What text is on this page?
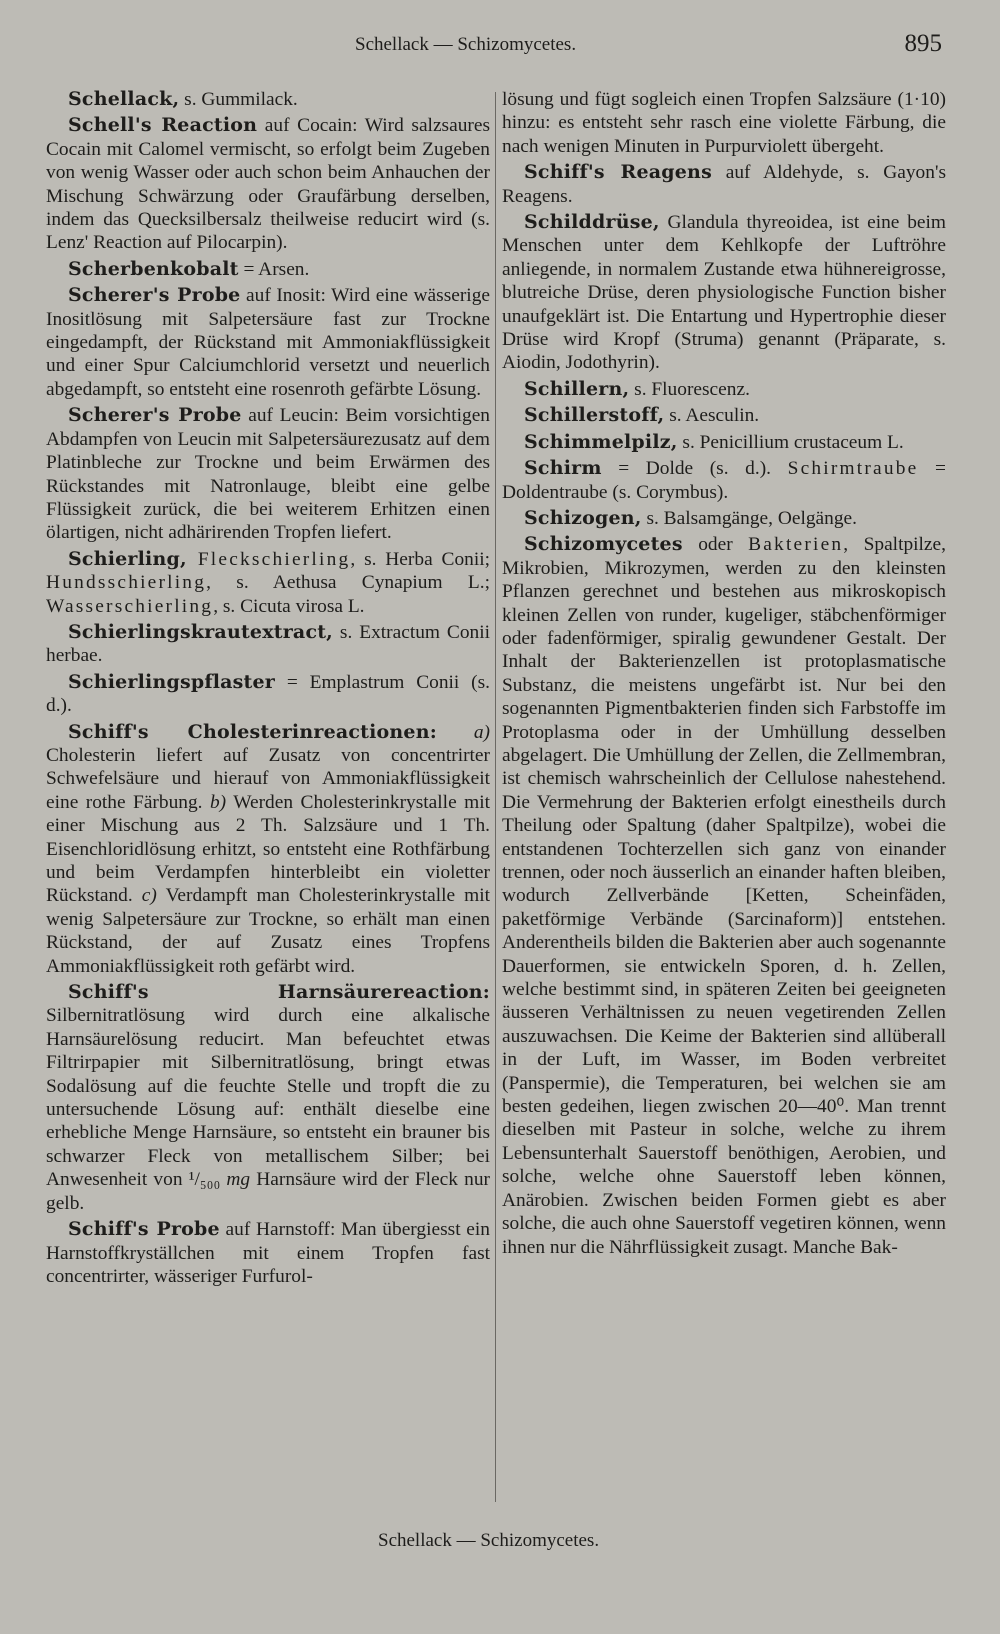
Schellack — Schizomycetes.	895

Schellack, s. Gummilack.

Schell's Reaction auf Cocain: Wird salzsaures Cocain mit Calomel vermischt, so erfolgt beim Zugeben von wenig Wasser oder auch schon beim Anhauchen der Mischung Schwärzung oder Graufärbung derselben, indem das Quecksilbersalz theilweise reducirt wird (s. Lenz' Reaction auf Pilocarpin).

Scherbenkobalt = Arsen.

Scherer's Probe auf Inosit: Wird eine wässerige Inositlösung mit Salpetersäure fast zur Trockne eingedampft, der Rückstand mit Ammoniakflüssigkeit und einer Spur Calciumchlorid versetzt und neuerlich abgedampft, so entsteht eine rosenroth gefärbte Lösung.

Scherer's Probe auf Leucin: Beim vorsichtigen Abdampfen von Leucin mit Salpetersäurezusatz auf dem Platinbleche zur Trockne und beim Erwärmen des Rückstandes mit Natronlauge, bleibt eine gelbe Flüssigkeit zurück, die bei weiterem Erhitzen einen ölartigen, nicht adhärirenden Tropfen liefert.

Schierling, Fleckschierling, s. Herba Conii; Hundsschierling, s. Aethusa Cynapium L.; Wasserschierling, s. Cicuta virosa L.

Schierlingskrautextract, s. Extractum Conii herbae.

Schierlingspflaster = Emplastrum Conii (s. d.).

Schiff's Cholesterinreactionen: a) Cholesterin liefert auf Zusatz von concentrirter Schwefelsäure und hierauf von Ammoniakflüssigkeit eine rothe Färbung. b) Werden Cholesterinkrystalle mit einer Mischung aus 2 Th. Salzsäure und 1 Th. Eisenchloridlösung erhitzt, so entsteht eine Rothfärbung und beim Verdampfen hinterbleibt ein violetter Rückstand. c) Verdampft man Cholesterinkrystalle mit wenig Salpetersäure zur Trockne, so erhält man einen Rückstand, der auf Zusatz eines Tropfens Ammoniakflüssigkeit roth gefärbt wird.

Schiff's Harnsäurereaction: Silbernitratlösung wird durch eine alkalische Harnsäurelösung reducirt. Man befeuchtet etwas Filtrirpapier mit Silbernitratlösung, bringt etwas Sodalösung auf die feuchte Stelle und tropft die zu untersuchende Lösung auf: enthält dieselbe eine erhebliche Menge Harnsäure, so entsteht ein brauner bis schwarzer Fleck von metallischem Silber; bei Anwesenheit von ¹/₅₀₀ mg Harnsäure wird der Fleck nur gelb.

Schiff's Probe auf Harnstoff: Man übergiesst ein Harnstoffkryställchen mit einem Tropfen fast concentrirter, wässeriger Furfurol-

lösung und fügt sogleich einen Tropfen Salzsäure (1·10) hinzu: es entsteht sehr rasch eine violette Färbung, die nach wenigen Minuten in Purpurviolett übergeht.

Schiff's Reagens auf Aldehyde, s. Gayon's Reagens.

Schilddrüse, Glandula thyreoidea, ist eine beim Menschen unter dem Kehlkopfe der Luftröhre anliegende, in normalem Zustande etwa hühnereigrosse, blutreiche Drüse, deren physiologische Function bisher unaufgeklärt ist. Die Entartung und Hypertrophie dieser Drüse wird Kropf (Struma) genannt (Präparate, s. Aiodin, Jodothyrin).

Schillern, s. Fluorescenz.

Schillerstoff, s. Aesculin.

Schimmelpilz, s. Penicillium crustaceum L.

Schirm = Dolde (s. d.). Schirmtraube = Doldentraube (s. Corymbus).

Schizogen, s. Balsamgänge, Oelgänge.

Schizomycetes oder Bakterien, Spaltpilze, Mikrobien, Mikrozymen, werden zu den kleinsten Pflanzen gerechnet und bestehen aus mikroskopisch kleinen Zellen von runder, kugeliger, stäbchenförmiger oder fadenförmiger, spiralig gewundener Gestalt. Der Inhalt der Bakterienzellen ist protoplasmatische Substanz, die meistens ungefärbt ist. Nur bei den sogenannten Pigmentbakterien finden sich Farbstoffe im Protoplasma oder in der Umhüllung desselben abgelagert. Die Umhüllung der Zellen, die Zellmembran, ist chemisch wahrscheinlich der Cellulose nahestehend. Die Vermehrung der Bakterien erfolgt einestheils durch Theilung oder Spaltung (daher Spaltpilze), wobei die entstandenen Tochterzellen sich ganz von einander trennen, oder noch äusserlich an einander haften bleiben, wodurch Zellverbände [Ketten, Scheinfäden, paketförmige Verbände (Sarcinaform)] entstehen. Anderentheils bilden die Bakterien aber auch sogenannte Dauerformen, sie entwickeln Sporen, d. h. Zellen, welche bestimmt sind, in späteren Zeiten bei geeigneten äusseren Verhältnissen zu neuen vegetirenden Zellen auszuwachsen. Die Keime der Bakterien sind allüberall in der Luft, im Wasser, im Boden verbreitet (Panspermie), die Temperaturen, bei welchen sie am besten gedeihen, liegen zwischen 20—40⁰. Man trennt dieselben mit Pasteur in solche, welche zu ihrem Lebensunterhalt Sauerstoff benöthigen, Aerobien, und solche, welche ohne Sauerstoff leben können, Anärobien. Zwischen beiden Formen giebt es aber solche, die auch ohne Sauerstoff vegetiren können, wenn ihnen nur die Nährflüssigkeit zusagt. Manche Bak-

Schellack — Schizomycetes.
